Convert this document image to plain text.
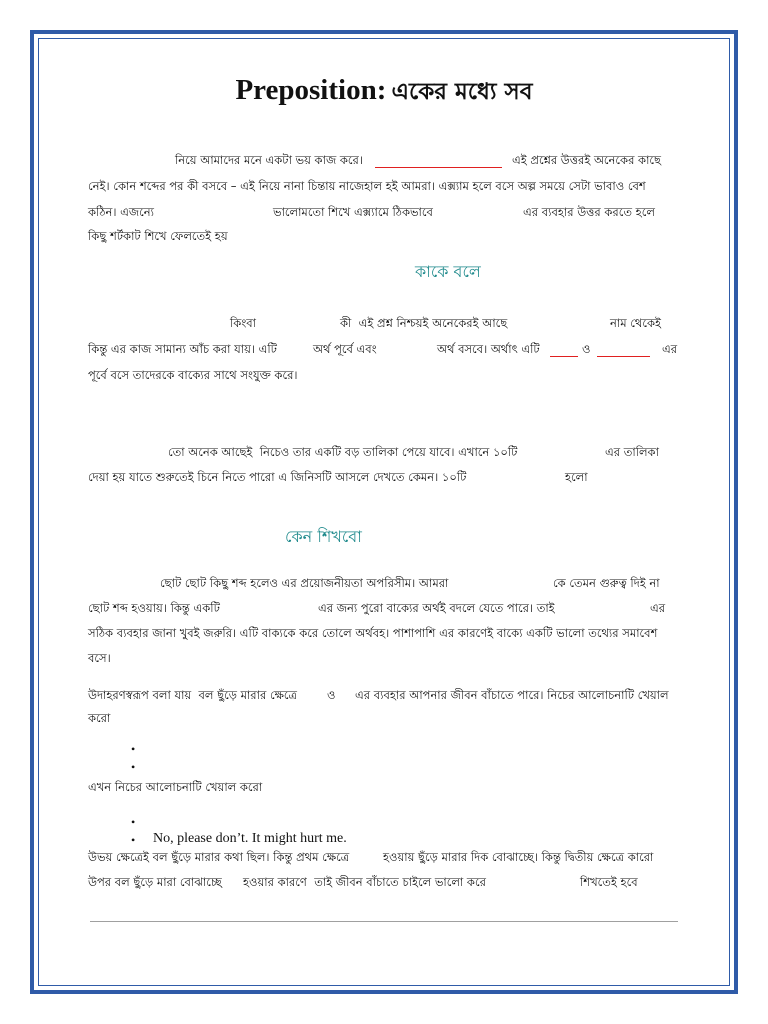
Preposition: একের মধ্যে সব
নিয়ে আমাদের মনে একটা ভয় কাজ করে।	এই প্রশ্নের উত্তরই অনেকের কাছে
নেই। কোন শব্দের পর কী বসবে – এই নিয়ে নানা চিন্তায় নাজেহাল হই আমরা। এক্স্যাম হলে বসে অল্প সময়ে সেটা ভাবাও বেশ
কঠিন। এজন্যে	ভালোমতো শিখে এক্স্যামে ঠিকভাবে	এর ব্যবহার উত্তর করতে হলে
কিছু শর্টকাট শিখে ফেলতেই হয়
কাকে বলে
কিংবা	কী  এই প্রশ্ন নিশ্চয়ই অনেকেরই আছে	নাম থেকেই
কিন্তু এর কাজ সামান্য আঁচ করা যায়। এটি	অর্থ পূর্বে এবং	অর্থ বসবে। অর্থাৎ এটি	ও	এর
পূর্বে বসে তাদেরকে বাক্যের সাথে সংযুক্ত করে।
তো অনেক আছেই  নিচেও তার একটি বড় তালিকা পেয়ে যাবে। এখানে ১০টি	এর তালিকা
দেয়া হয় যাতে শুরুতেই চিনে নিতে পারো এ জিনিসটি আসলে দেখতে কেমন। ১০টি	হলো
কেন শিখবো
ছোট ছোট কিছু শব্দ হলেও এর প্রয়োজনীয়তা অপরিসীম। আমরা	কে তেমন গুরুত্ব দিই না
ছোট শব্দ হওয়ায়। কিন্তু একটি	এর জন্য পুরো বাক্যের অর্থই বদলে যেতে পারে। তাই	এর
সঠিক ব্যবহার জানা খুবই জরুরি। এটি বাক্যকে করে তোলে অর্থবহ। পাশাপাশি এর কারণেই বাক্যে একটি ভালো তথ্যের সমাবেশ
বসে।
উদাহরণস্বরূপ বলা যায়  বল ছুঁড়ে মারার ক্ষেত্রে	ও এর ব্যবহার আপনার জীবন বাঁচাতে পারে। নিচের আলোচনাটি খেয়াল
করো
•
•
এখন নিচের আলোচনাটি খেয়াল করো
•
• No, please don’t. It might hurt me.
উভয় ক্ষেত্রেই বল ছুঁড়ে মারার কথা ছিল। কিন্তু প্রথম ক্ষেত্রে	হওয়ায় ছুঁড়ে মারার দিক বোঝাচ্ছে। কিন্তু দ্বিতীয় ক্ষেত্রে কারো
উপর বল ছুঁড়ে মারা বোঝাচ্ছে হওয়ার কারণে  তাই জীবন বাঁচাতে চাইলে ভালো করে	শিখতেই হবে
